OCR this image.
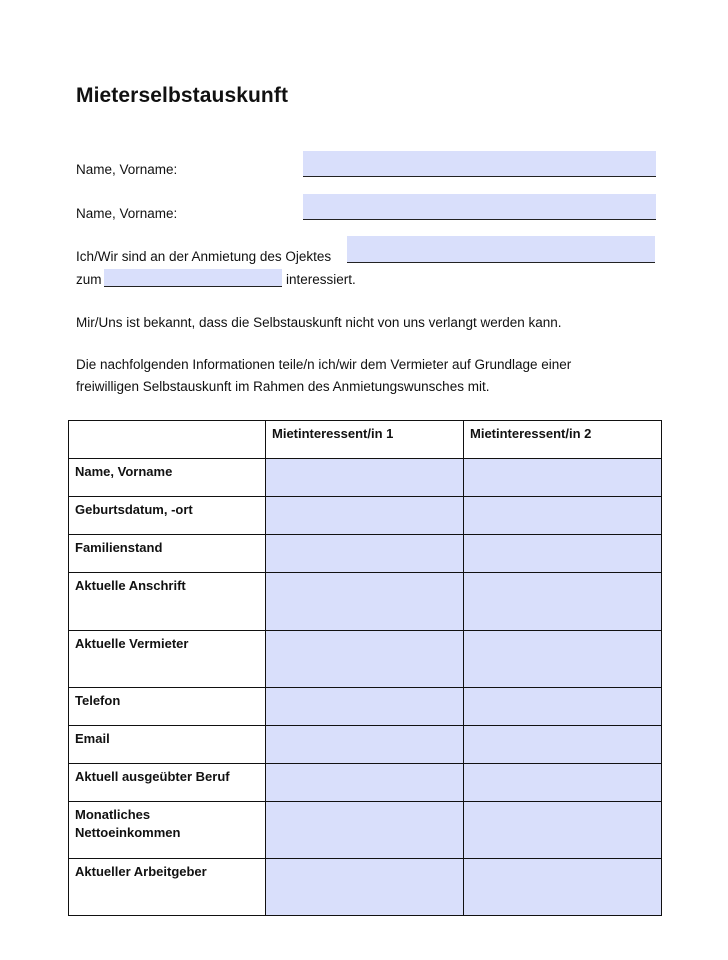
Mieterselbstauskunft
Name, Vorname:
Name, Vorname:
Ich/Wir sind an der Anmietung des Ojektes
zum	interessiert.
Mir/Uns ist bekannt, dass die Selbstauskunft nicht von uns verlangt werden kann.
Die nachfolgenden Informationen teile/n ich/wir dem Vermieter auf Grundlage einer
freiwilligen Selbstauskunft im Rahmen des Anmietungswunsches mit.
	Mietinteressent/in 1	Mietinteressent/in 2
Name, Vorname		
Geburtsdatum, -ort		
Familienstand		
Aktuelle Anschrift		
Aktuelle Vermieter		
Telefon		
Email		
Aktuell ausgeübter Beruf		
Monatliches
Nettoeinkommen		
Aktueller Arbeitgeber		
